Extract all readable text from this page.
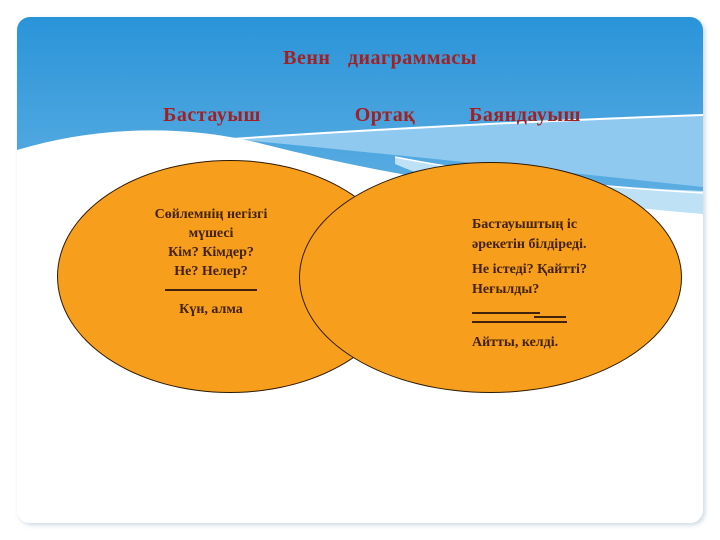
Венн диаграммасы
Бастауыш	Ортақ	Баяндауыш
Сөйлемнің негізгі
мүшесі
Кім? Кімдер?
Не? Нелер?
Күн, алма
Бастауыштың іс
әрекетін білдіреді.
Не істеді? Қайтті?
Неғылды?
Айтты, келді.
